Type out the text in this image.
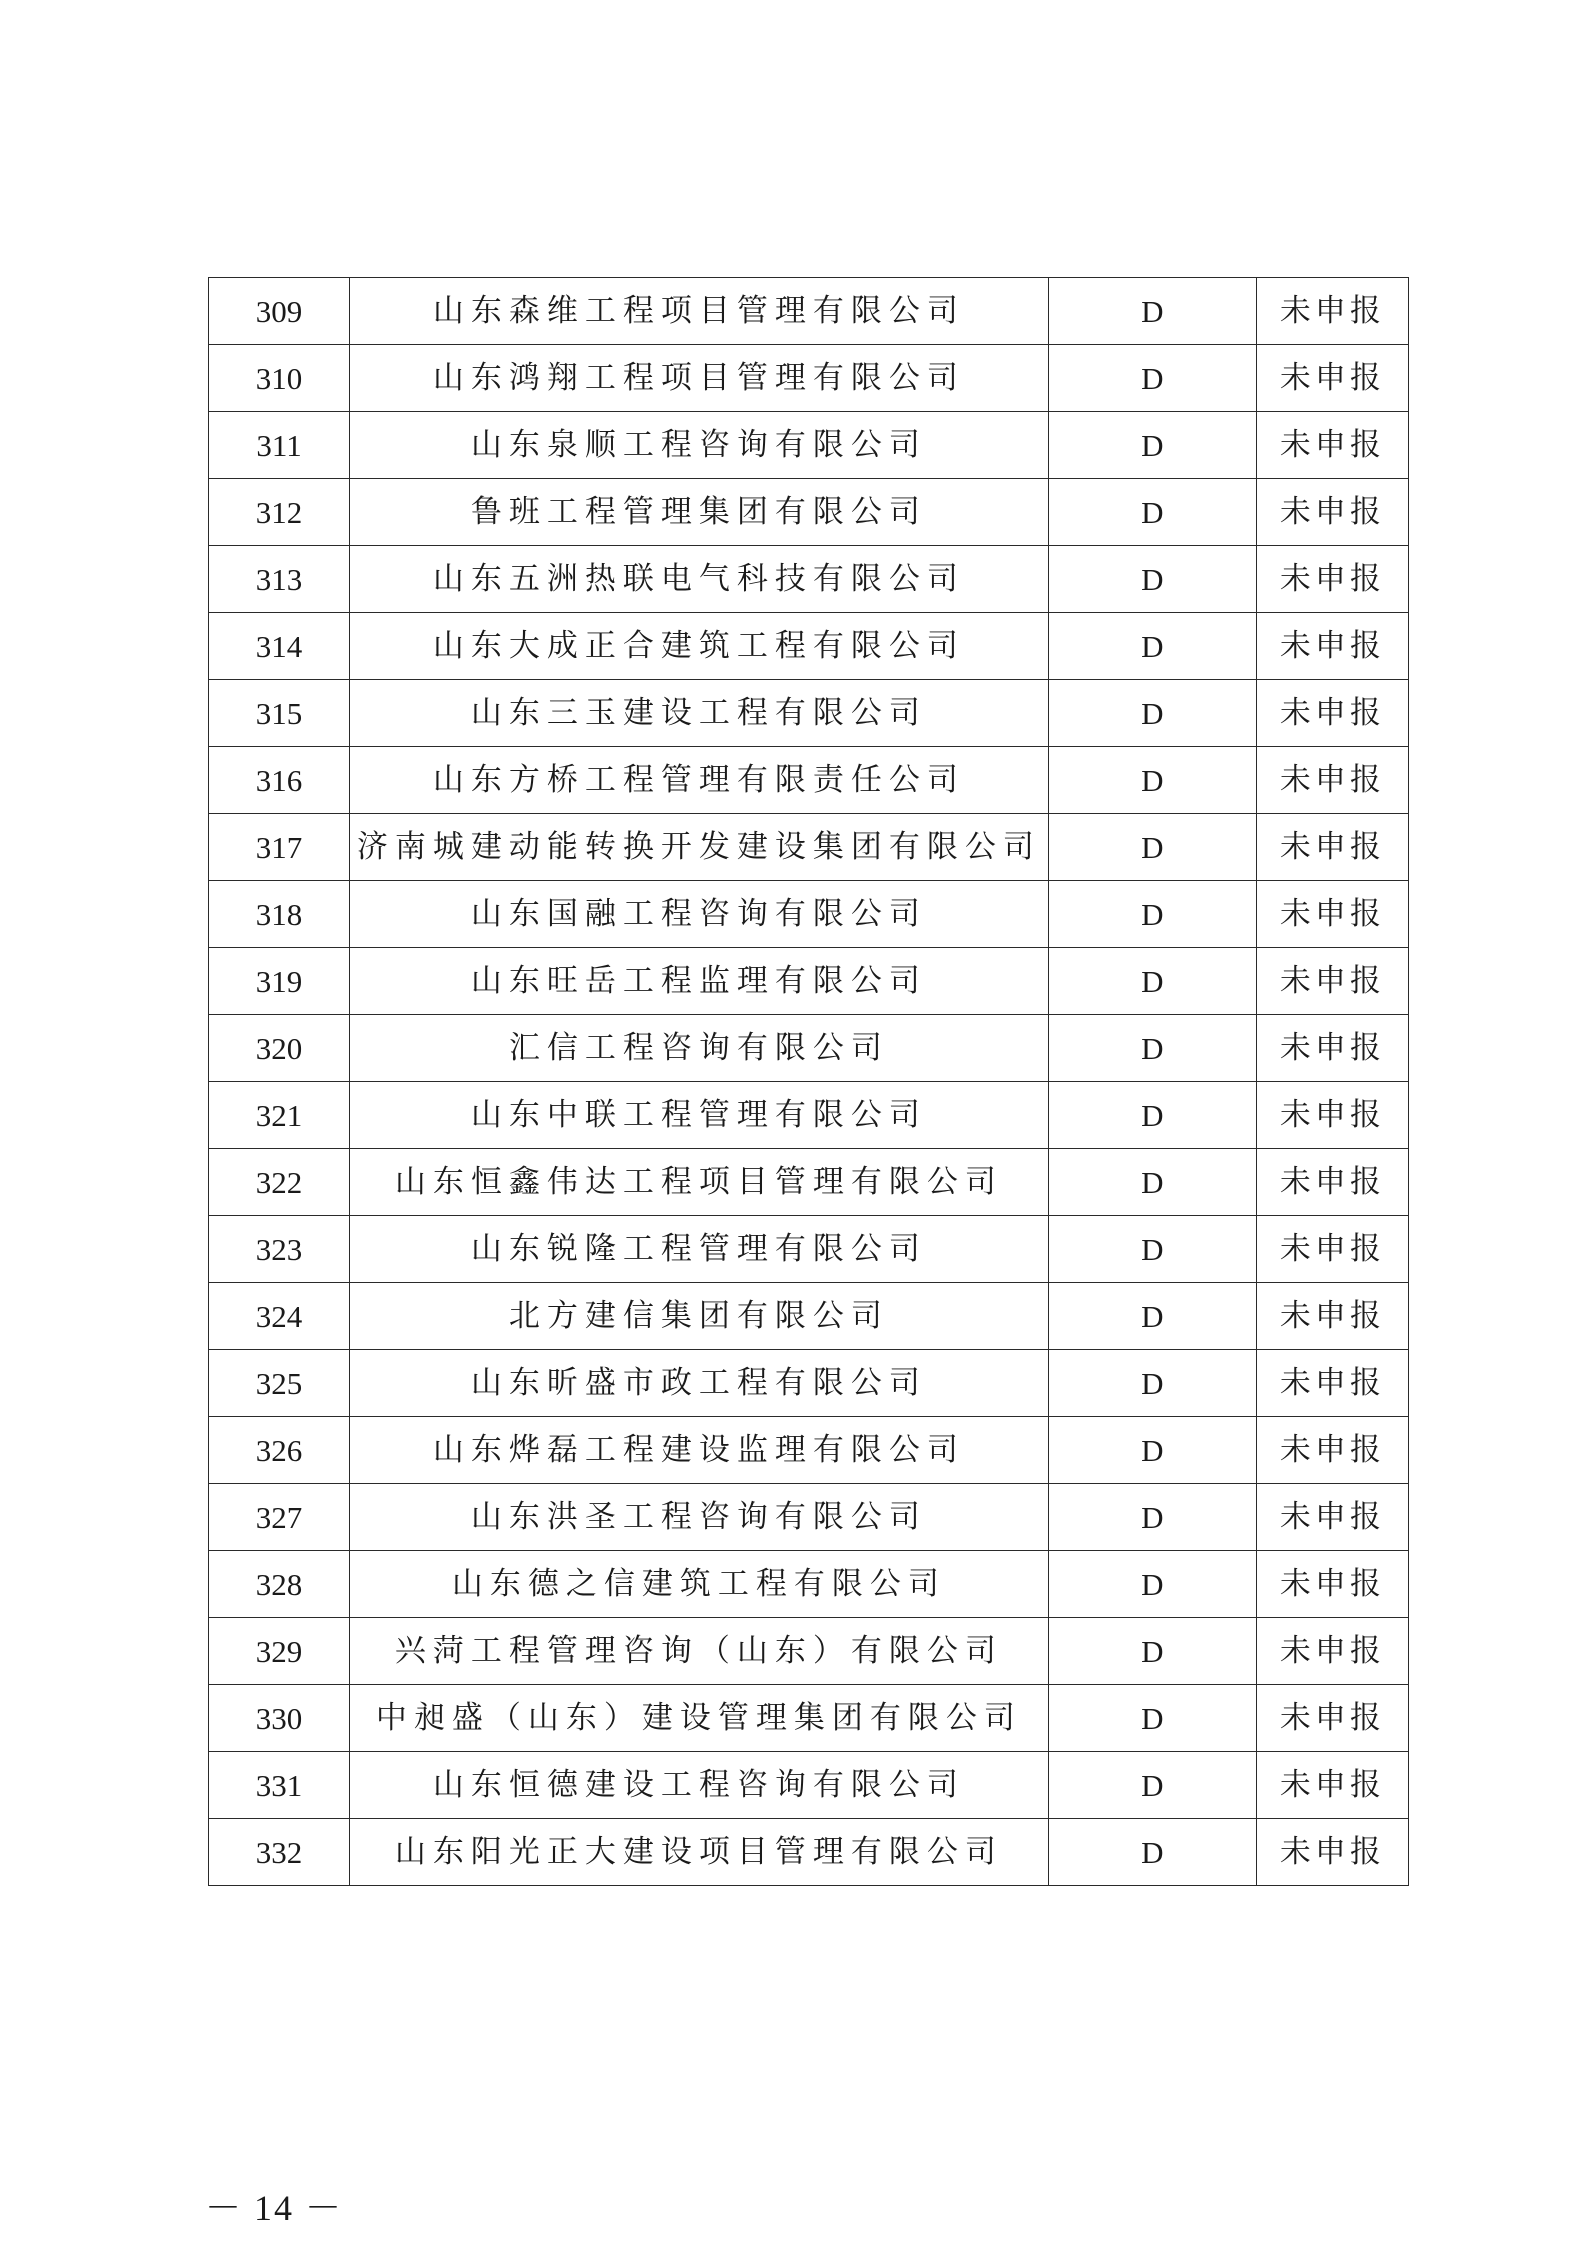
309	山东森维工程项目管理有限公司	D	未申报
310	山东鸿翔工程项目管理有限公司	D	未申报
311	山东泉顺工程咨询有限公司	D	未申报
312	鲁班工程管理集团有限公司	D	未申报
313	山东五洲热联电气科技有限公司	D	未申报
314	山东大成正合建筑工程有限公司	D	未申报
315	山东三玉建设工程有限公司	D	未申报
316	山东方桥工程管理有限责任公司	D	未申报
317	济南城建动能转换开发建设集团有限公司	D	未申报
318	山东国融工程咨询有限公司	D	未申报
319	山东旺岳工程监理有限公司	D	未申报
320	汇信工程咨询有限公司	D	未申报
321	山东中联工程管理有限公司	D	未申报
322	山东恒鑫伟达工程项目管理有限公司	D	未申报
323	山东锐隆工程管理有限公司	D	未申报
324	北方建信集团有限公司	D	未申报
325	山东昕盛市政工程有限公司	D	未申报
326	山东烨磊工程建设监理有限公司	D	未申报
327	山东洪圣工程咨询有限公司	D	未申报
328	山东德之信建筑工程有限公司	D	未申报
329	兴菏工程管理咨询（山东）有限公司	D	未申报
330	中昶盛（山东）建设管理集团有限公司	D	未申报
331	山东恒德建设工程咨询有限公司	D	未申报
332	山东阳光正大建设项目管理有限公司	D	未申报
－ 14 －
